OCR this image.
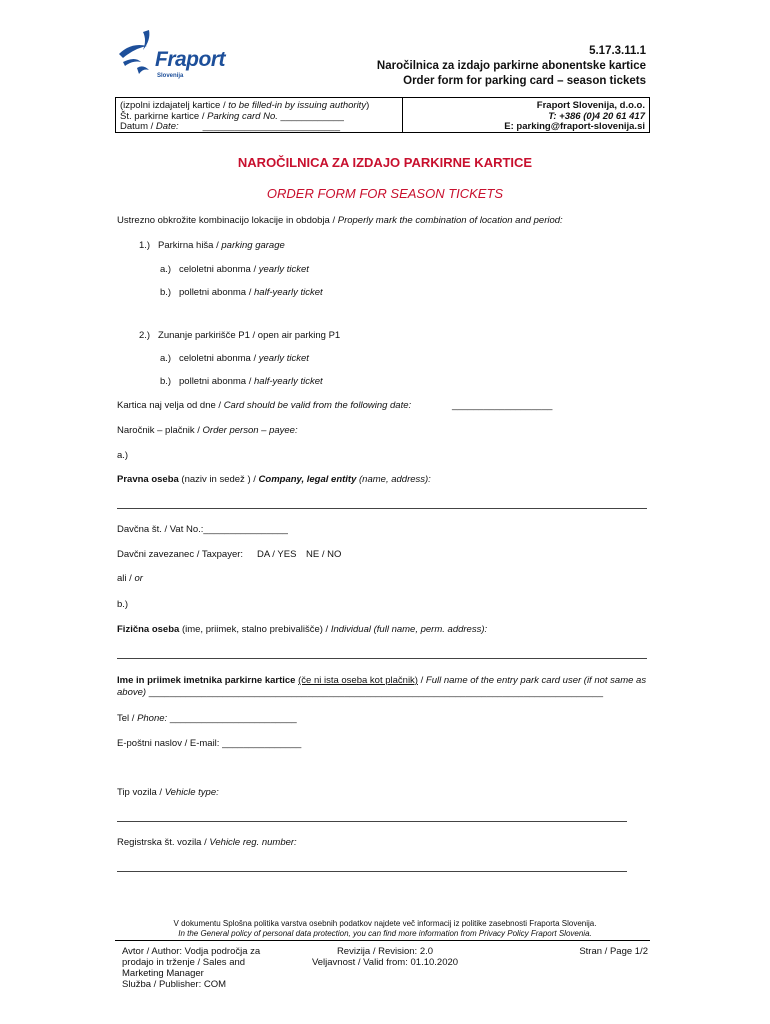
Fraport
Slovenija
5.17.3.11.1
Naročilnica za izdajo parkirne abonentske kartice
Order form for parking card – season tickets
(izpolni izdajatelj kartice / to be filled-in by issuing authority)
Št. parkirne kartice / Parking card No. ____________
Datum / Date:	__________________________
Fraport Slovenija, d.o.o.
T: +386 (0)4 20 61 417
E: parking@fraport-slovenija.si
NAROČILNICA ZA IZDAJO PARKIRNE KARTICE
ORDER FORM FOR SEASON TICKETS
Ustrezno obkrožite kombinacijo lokacije in obdobja / Properly mark the combination of location and period:
1.) Parkirna hiša / parking garage
a.) celoletni abonma / yearly ticket
b.) polletni abonma / half-yearly ticket
2.) Zunanje parkirišče P1 / open air parking P1
a.) celoletni abonma / yearly ticket
b.) polletni abonma / half-yearly ticket
Kartica naj velja od dne / Card should be valid from the following date:	___________________
Naročnik – plačnik / Order person – payee:
a.)
Pravna oseba (naziv in sedež ) / Company, legal entity (name, address):
Davčna št. / Vat No.:________________
Davčni zavezanec / Taxpayer: DA / YES NE / NO
ali / or
b.)
Fizična oseba (ime, priimek, stalno prebivališče) / Individual (full name, perm. address):
Ime in priimek imetnika parkirne kartice (če ni ista oseba kot plačnik) / Full name of the entry park card user (if not same as
above) ______________________________________________________________________________________
Tel / Phone: ________________________
E-poštni naslov / E-mail: _______________
Tip vozila / Vehicle type:
Registrska št. vozila / Vehicle reg. number:
V dokumentu Splošna politika varstva osebnih podatkov najdete več informacij iz politike zasebnosti Fraporta Slovenija.
In the General policy of personal data protection, you can find more information from Privacy Policy Fraport Slovenia.
Avtor / Author: Vodja področja za
prodajo in trženje / Sales and
Marketing Manager
Služba / Publisher: COM
Revizija / Revision: 2.0
Veljavnost / Valid from: 01.10.2020
Stran / Page 1/2
